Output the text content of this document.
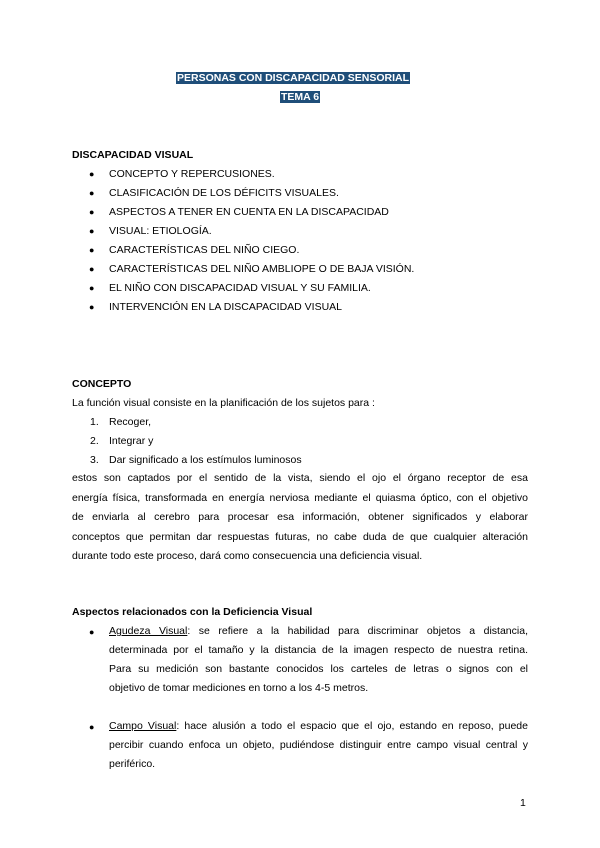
PERSONAS CON DISCAPACIDAD SENSORIAL
TEMA 6
DISCAPACIDAD VISUAL
● CONCEPTO Y REPERCUSIONES.
● CLASIFICACIÓN DE LOS DÉFICITS VISUALES.
● ASPECTOS A TENER EN CUENTA EN LA DISCAPACIDAD
● VISUAL: ETIOLOGÍA.
● CARACTERÍSTICAS DEL NIÑO CIEGO.
● CARACTERÍSTICAS DEL NIÑO AMBLIOPE O DE BAJA VISIÓN.
● EL NIÑO CON DISCAPACIDAD VISUAL Y SU FAMILIA.
● INTERVENCIÓN EN LA DISCAPACIDAD VISUAL
CONCEPTO
La función visual consiste en la planificación de los sujetos para :
1. Recoger,
2. Integrar y
3. Dar significado a los estímulos luminosos
estos son captados por el sentido de la vista, siendo el ojo el órgano receptor de esa
energía física, transformada en energía nerviosa mediante el quiasma óptico, con el objetivo
de enviarla al cerebro para procesar esa información, obtener significados y elaborar
conceptos que permitan dar respuestas futuras, no cabe duda de que cualquier alteración
durante todo este proceso, dará como consecuencia una deficiencia visual.
Aspectos relacionados con la Deficiencia Visual
● Agudeza Visual: se refiere a la habilidad para discriminar objetos a distancia,
determinada por el tamaño y la distancia de la imagen respecto de nuestra retina.
Para su medición son bastante conocidos los carteles de letras o signos con el
objetivo de tomar mediciones en torno a los 4-5 metros.
● Campo Visual: hace alusión a todo el espacio que el ojo, estando en reposo, puede
percibir cuando enfoca un objeto, pudiéndose distinguir entre campo visual central y
periférico.
1
